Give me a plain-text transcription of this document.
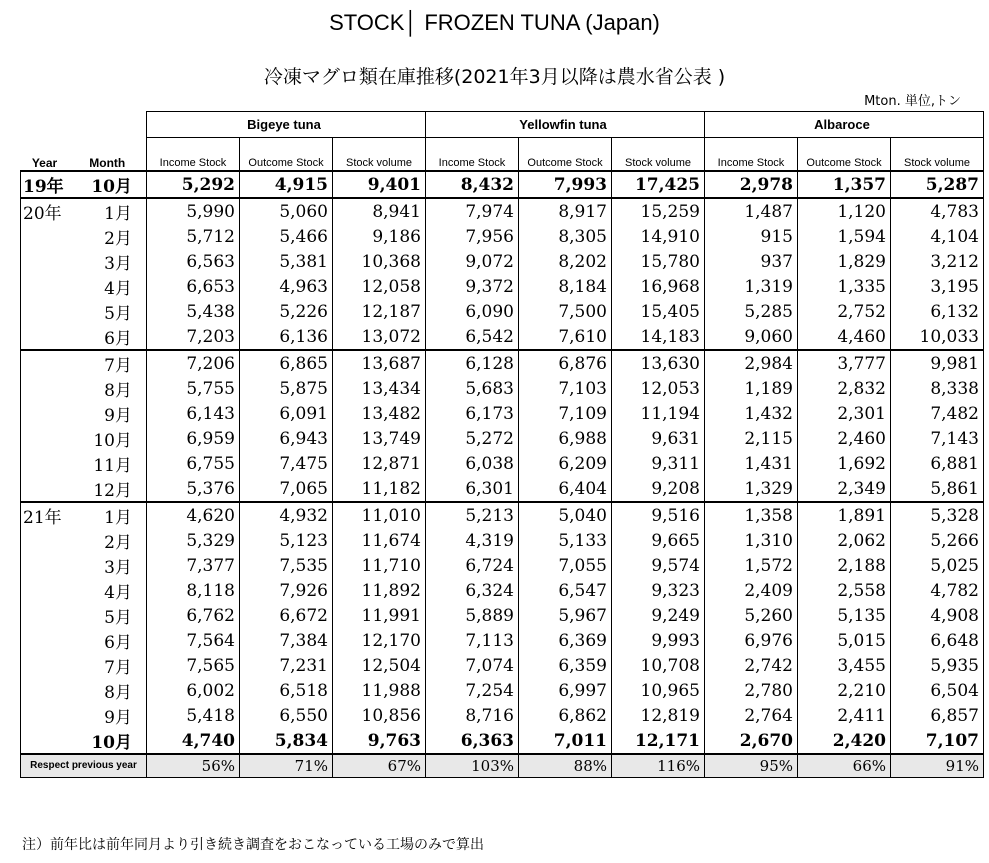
STOCK│ FROZEN TUNA (Japan)
冷凍マグロ類在庫推移(2021年3月以降は農水省公表 )
Mton. 単位,トン
		Bigeye tuna			Yellowfin tuna			Albaroce		
Year	Month	Income Stock	Outcome Stock	Stock volume	Income Stock	Outcome Stock	Stock volume	Income Stock	Outcome Stock	Stock volume
19年	10月	5,292	4,915	9,401	8,432	7,993	17,425	2,978	1,357	5,287
20年	1月	5,990	5,060	8,941	7,974	8,917	15,259	1,487	1,120	4,783
	2月	5,712	5,466	9,186	7,956	8,305	14,910	915	1,594	4,104
	3月	6,563	5,381	10,368	9,072	8,202	15,780	937	1,829	3,212
	4月	6,653	4,963	12,058	9,372	8,184	16,968	1,319	1,335	3,195
	5月	5,438	5,226	12,187	6,090	7,500	15,405	5,285	2,752	6,132
	6月	7,203	6,136	13,072	6,542	7,610	14,183	9,060	4,460	10,033
	7月	7,206	6,865	13,687	6,128	6,876	13,630	2,984	3,777	9,981
	8月	5,755	5,875	13,434	5,683	7,103	12,053	1,189	2,832	8,338
	9月	6,143	6,091	13,482	6,173	7,109	11,194	1,432	2,301	7,482
	10月	6,959	6,943	13,749	5,272	6,988	9,631	2,115	2,460	7,143
	11月	6,755	7,475	12,871	6,038	6,209	9,311	1,431	1,692	6,881
	12月	5,376	7,065	11,182	6,301	6,404	9,208	1,329	2,349	5,861
21年	1月	4,620	4,932	11,010	5,213	5,040	9,516	1,358	1,891	5,328
	2月	5,329	5,123	11,674	4,319	5,133	9,665	1,310	2,062	5,266
	3月	7,377	7,535	11,710	6,724	7,055	9,574	1,572	2,188	5,025
	4月	8,118	7,926	11,892	6,324	6,547	9,323	2,409	2,558	4,782
	5月	6,762	6,672	11,991	5,889	5,967	9,249	5,260	5,135	4,908
	6月	7,564	7,384	12,170	7,113	6,369	9,993	6,976	5,015	6,648
	7月	7,565	7,231	12,504	7,074	6,359	10,708	2,742	3,455	5,935
	8月	6,002	6,518	11,988	7,254	6,997	10,965	2,780	2,210	6,504
	9月	5,418	6,550	10,856	8,716	6,862	12,819	2,764	2,411	6,857
	10月	4,740	5,834	9,763	6,363	7,011	12,171	2,670	2,420	7,107
Respect previous year		56%	71%	67%	103%	88%	116%	95%	66%	91%
注）前年比は前年同月より引き続き調査をおこなっている工場のみで算出
